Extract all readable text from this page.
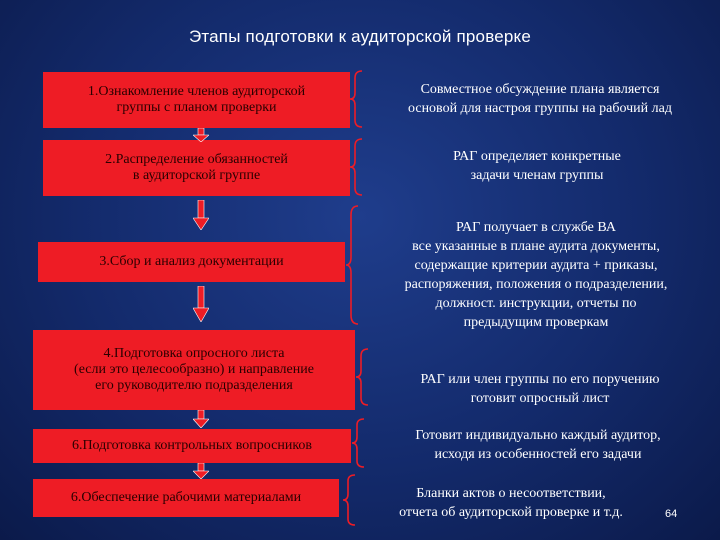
Этапы подготовки к аудиторской проверке
1.Ознакомление членов аудиторской
группы с планом проверки
2.Распределение обязанностей
в аудиторской группе
3.Сбор и анализ документации
4.Подготовка опросного листа
(если это целесообразно) и направление
его руководителю подразделения
6.Подготовка контрольных вопросников
6.Обеспечение рабочими материалами
Совместное обсуждение плана является
основой для настроя группы на рабочий лад
РАГ определяет конкретные
задачи членам группы
РАГ получает в службе ВА
все указанные в плане аудита документы,
содержащие критерии аудита + приказы,
распоряжения, положения о подразделении,
должност. инструкции, отчеты по
предыдущим проверкам
РАГ или член группы по его поручению
готовит опросный лист
Готовит индивидуально каждый аудитор,
исходя из особенностей его задачи
Бланки актов о несоответствии,
отчета об аудиторской проверке и т.д.	64
